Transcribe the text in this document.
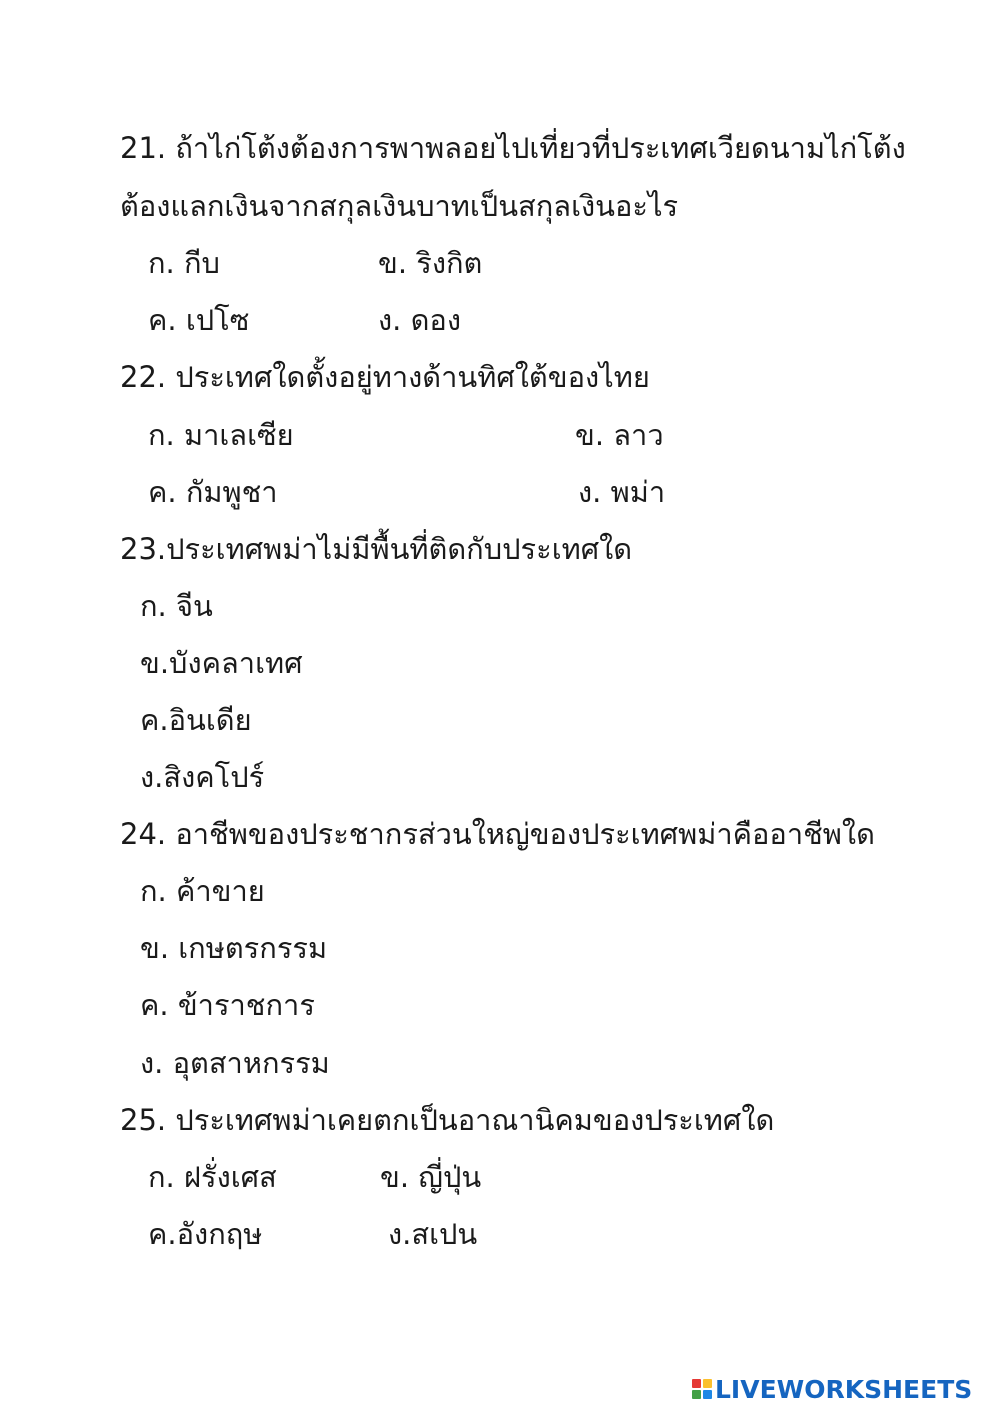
21. ถ้าไก่โต้งต้องการพาพลอยไปเที่ยวที่ประเทศเวียดนามไก่โต้ง
ต้องแลกเงินจากสกุลเงินบาทเป็นสกุลเงินอะไร
ก. กีบ	ข. ริงกิต
ค. เปโซ	ง. ดอง
22. ประเทศใดตั้งอยู่ทางด้านทิศใต้ของไทย
ก. มาเลเซีย	ข. ลาว
ค. กัมพูชา	ง. พม่า
23.ประเทศพม่าไม่มีพื้นที่ติดกับประเทศใด
ก. จีน
ข.บังคลาเทศ
ค.อินเดีย
ง.สิงคโปร์
24. อาชีพของประชากรส่วนใหญ่ของประเทศพม่าคืออาชีพใด
ก. ค้าขาย
ข. เกษตรกรรม
ค. ข้าราชการ
ง. อุตสาหกรรม
25. ประเทศพม่าเคยตกเป็นอาณานิคมของประเทศใด
ก. ฝรั่งเศส	ข. ญี่ปุ่น
ค.อังกฤษ	ง.สเปน
LIVEWORKSHEETS
